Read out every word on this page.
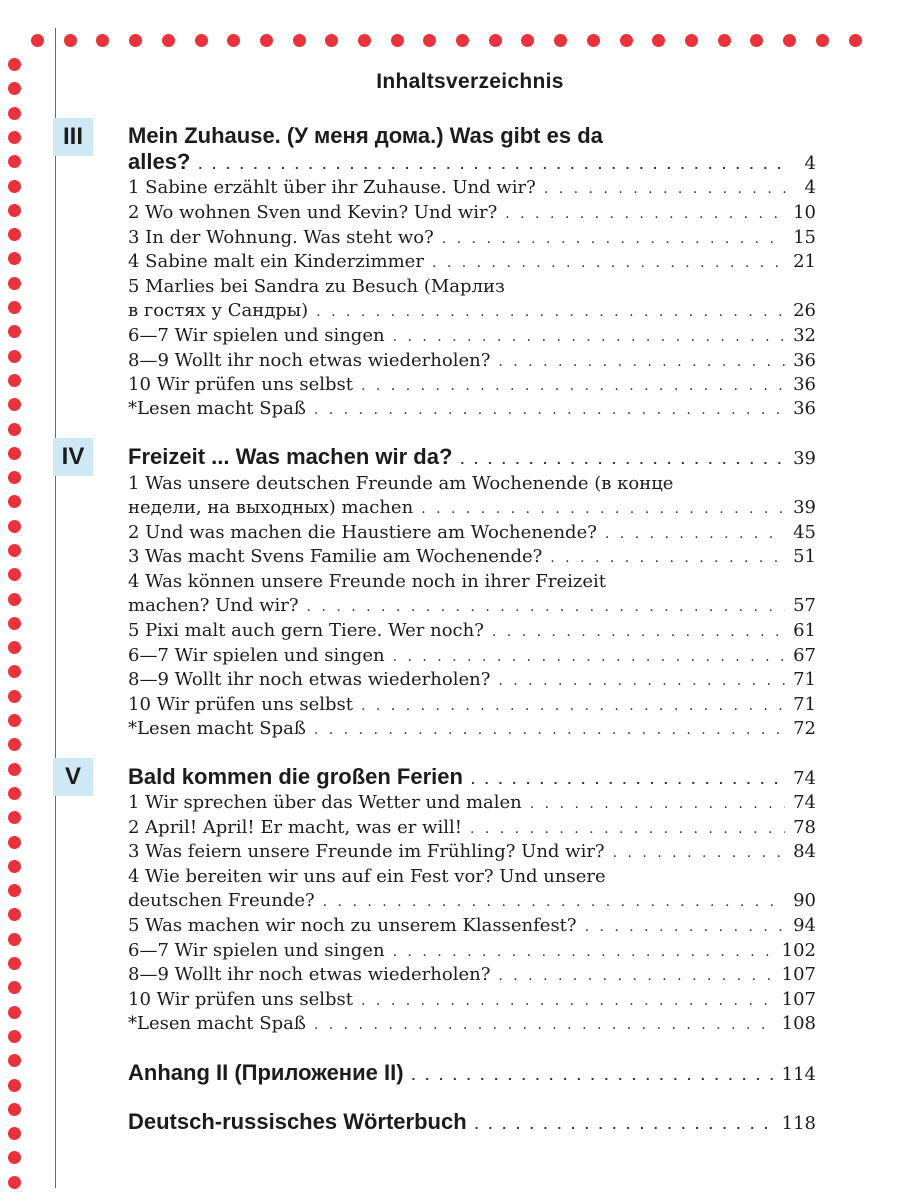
Inhaltsverzeichnis
III	Mein Zuhause. (У меня дома.) Was gibt es da
alles? . . .	4
1 Sabine erzählt über ihr Zuhause. Und wir? . . .	4
2 Wo wohnen Sven und Kevin? Und wir? . . .	10
3 In der Wohnung. Was steht wo? . . .	15
4 Sabine malt ein Kinderzimmer . . .	21
5 Marlies bei Sandra zu Besuch (Марлиз
в гостях у Сандры) . . .	26
6—7 Wir spielen und singen . . .	32
8—9 Wollt ihr noch etwas wiederholen? . . .	36
10 Wir prüfen uns selbst . . .	36
*Lesen macht Spaß . . .	36
IV	Freizeit ... Was machen wir da? . . .	39
1 Was unsere deutschen Freunde am Wochenende (в конце
недели, на выходных) machen . . .	39
2 Und was machen die Haustiere am Wochenende? . . .	45
3 Was macht Svens Familie am Wochenende? . . .	51
4 Was können unsere Freunde noch in ihrer Freizeit
machen? Und wir? . . .	57
5 Pixi malt auch gern Tiere. Wer noch? . . .	61
6—7 Wir spielen und singen . . .	67
8—9 Wollt ihr noch etwas wiederholen? . . .	71
10 Wir prüfen uns selbst . . .	71
*Lesen macht Spaß . . .	72
V	Bald kommen die großen Ferien . . .	74
1 Wir sprechen über das Wetter und malen . . .	74
2 April! April! Er macht, was er will! . . .	78
3 Was feiern unsere Freunde im Frühling? Und wir? . . .	84
4 Wie bereiten wir uns auf ein Fest vor? Und unsere
deutschen Freunde? . . .	90
5 Was machen wir noch zu unserem Klassenfest? . . .	94
6—7 Wir spielen und singen . . .	102
8—9 Wollt ihr noch etwas wiederholen? . . .	107
10 Wir prüfen uns selbst . . .	107
*Lesen macht Spaß . . .	108
Anhang II (Приложение II) . . .	114
Deutsch-russisches Wörterbuch . . .	118
